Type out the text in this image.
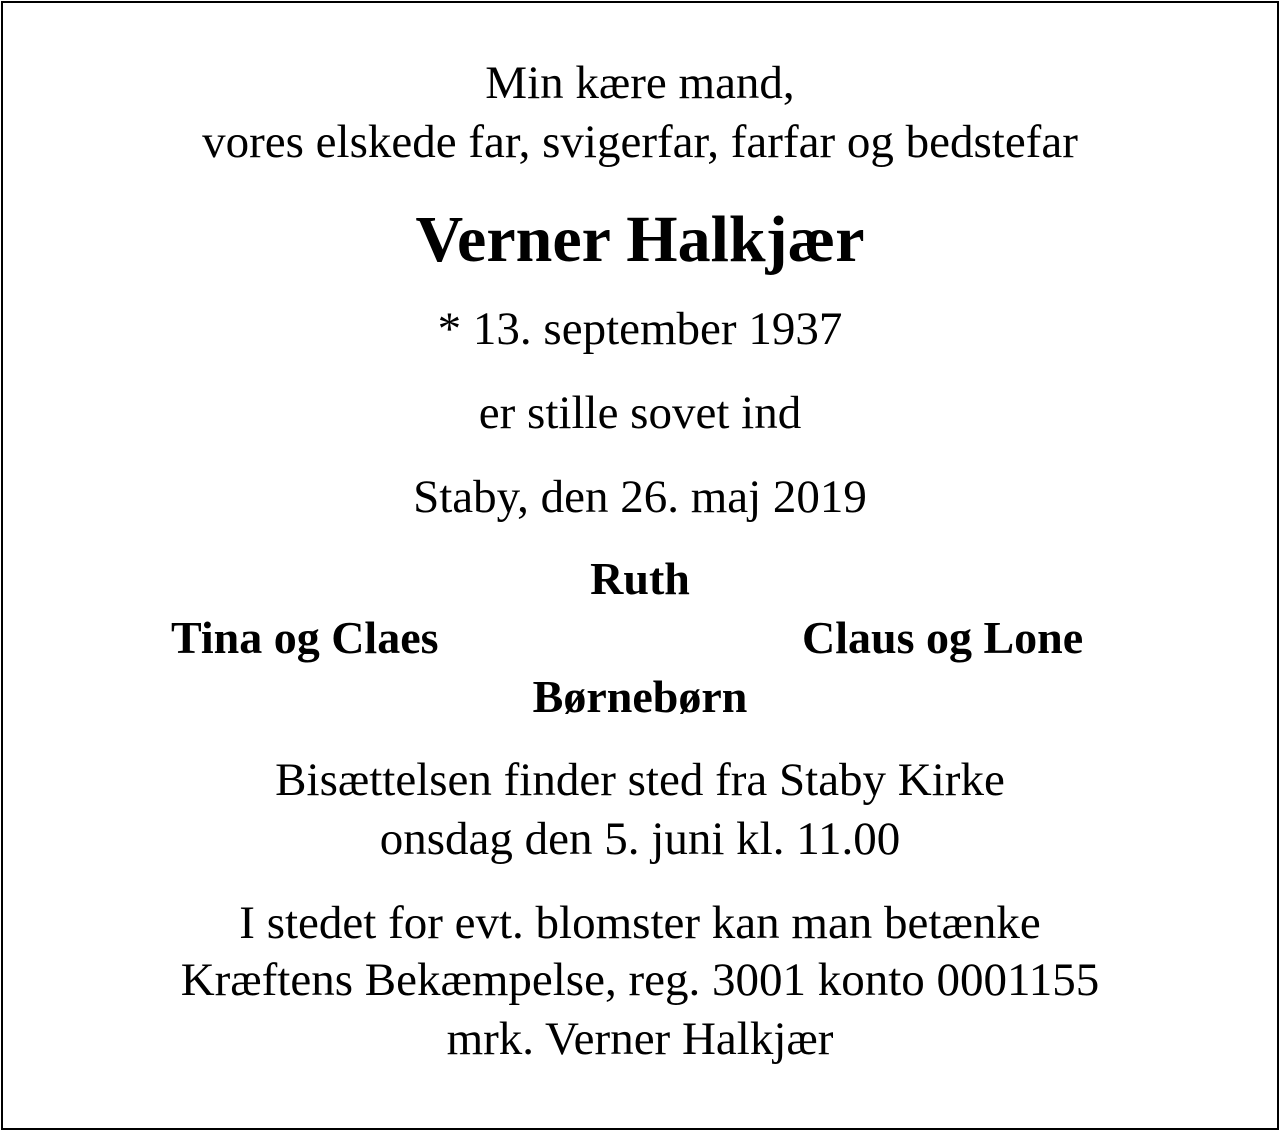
Min kære mand,
vores elskede far, svigerfar, farfar og bedstefar
Verner Halkjær
* 13. september 1937
er stille sovet ind
Staby, den 26. maj 2019
Ruth
Tina og Claes	Claus og Lone
Børnebørn
Bisættelsen finder sted fra Staby Kirke
onsdag den 5. juni kl. 11.00
I stedet for evt. blomster kan man betænke
Kræftens Bekæmpelse, reg. 3001 konto 0001155
mrk. Verner Halkjær
